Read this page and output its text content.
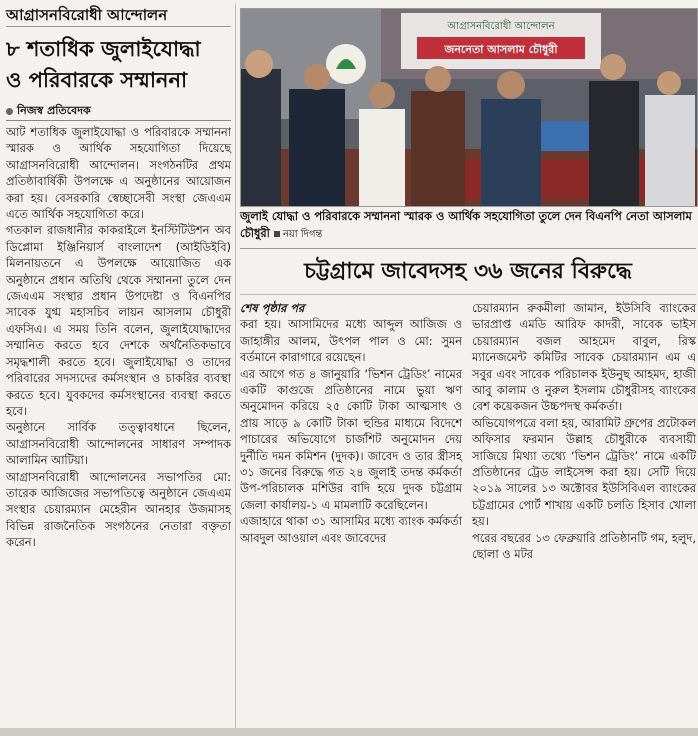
আগ্রাসনবিরোধী আন্দোলন
৮ শতাধিক জুলাইযোদ্ধা
ও পরিবারকে সম্মাননা
নিজস্ব প্রতিবেদক

আট শতাধিক জুলাইযোদ্ধা ও পরিবারকে সম্মাননা স্মারক ও আর্থিক সহযোগিতা দিয়েছে আগ্রাসনবিরোধী আন্দোলন। সংগঠনটির প্রথম প্রতিষ্ঠাবার্ষিকী উপলক্ষে এ অনুষ্ঠানের আয়োজন করা হয়। বেসরকারি স্বেচ্ছাসেবী সংস্থা জেএএম এতে আর্থিক সহযোগিতা করে।

গতকাল রাজধানীর কাকরাইলে ইনস্টিটিউশন অব ডিপ্লোমা ইঞ্জিনিয়ার্স বাংলাদেশ (আইডিইবি) মিলনায়তনে এ উপলক্ষে আয়োজিত এক অনুষ্ঠানে প্রধান অতিথি থেকে সম্মাননা তুলে দেন জেএএম সংস্থার প্রধান উপদেষ্টা ও বিএনপির সাবেক যুগ্ম মহাসচিব লায়ন আসলাম চৌধুরী এফসিএ। এ সময় তিনি বলেন, জুলাইযোদ্ধাদের সম্মানিত করতে হবে দেশকে অর্থনৈতিকভাবে সমৃদ্ধশালী করতে হবে। জুলাইযোদ্ধা ও তাদের পরিবারের সদস্যদের কর্মসংস্থান ও চাকরির ব্যবস্থা করতে হবে। যুবকদের কর্মসংস্থানের ব্যবস্থা করতে হবে।

অনুষ্ঠানে সার্বিক তত্ত্বাবধানে ছিলেন, আগ্রাসনবিরোধী আন্দোলনের সাধারণ সম্পাদক আলামিন আটিয়া।

আগ্রাসনবিরোধী আন্দোলনের সভাপতির মো: তারেক আজিজের সভাপতিত্বে অনুষ্ঠানে জেএএম সংস্থার চেয়ারম্যান মেহেরীন আনহার উজমাসহ বিভিন্ন রাজনৈতিক সংগঠনের নেতারা বক্তৃতা করেন।

আগ্রাসনবিরোধী আন্দোলন
জননেতা আসলাম চৌধুরী
জুলাই যোদ্ধা ও পরিবারকে সম্মাননা স্মারক ও আর্থিক সহযোগিতা তুলে দেন বিএনপি নেতা আসলাম চৌধুরী নয়া দিগন্ত
চট্টগ্রামে জাবেদসহ ৩৬ জনের বিরুদ্ধে

শেষ পৃষ্ঠার পর

করা হয়। আসামিদের মধ্যে আব্দুল আজিজ ও জাহাঙ্গীর আলম, উৎপল পাল ও মো: সুমন বর্তমানে কারাগারে রয়েছেন।

এর আগে গত ৪ জানুয়ারি ‘ভিশন ট্রেডিং’ নামের একটি কাগুজে প্রতিষ্ঠানের নামে ভুয়া ঋণ অনুমোদন করিয়ে ২৫ কোটি টাকা আত্মসাৎ ও প্রায় সাড়ে ৯ কোটি টাকা হুন্ডির মাধ্যমে বিদেশে পাচারের অভিযোগে চার্জশিট অনুমোদন দেয় দুর্নীতি দমন কমিশন (দুদক)। জাবেদ ও তার স্ত্রীসহ ৩১ জনের বিরুদ্ধে গত ২৪ জুলাই তদন্ত কর্মকর্তা উপ-পরিচালক মশিউর বাদি হয়ে দুদক চট্টগ্রাম জেলা কার্যালয়-১ এ মামলাটি করেছিলেন।

এজাহারে থাকা ৩১ আসামির মধ্যে ব্যাংক কর্মকর্তা আবদুল আওয়াল এবং জাবেদের

চেয়ারম্যান রুকমীলা জামান, ইউসিবি ব্যাংকের ভারপ্রাপ্ত এমডি আরিফ কাদরী, সাবেক ভাইস চেয়ারম্যান বজল আহমেদ বাবুল, রিস্ক ম্যানেজমেন্ট কমিটির সাবেক চেয়ারম্যান এম এ সবুর এবং সাবেক পরিচালক ইউনুছ আহমদ, হাজী আবু কালাম ও নুরুল ইসলাম চৌধুরীসহ ব্যাংকের বেশ কয়েকজন উচ্চপদস্থ কর্মকর্তা।

অভিযোগপত্রে বলা হয়, আরামিট গ্রুপের প্রটোকল অফিসার ফরমান উল্লাহ চৌধুরীকে ব্যবসায়ী সাজিয়ে মিথ্যা তথ্যে ‘ভিশন ট্রেডিং’ নামে একটি প্রতিষ্ঠানের ট্রেড লাইসেন্স করা হয়। সেটি দিয়ে ২০১৯ সালের ১৩ অক্টোবর ইউসিবিএল ব্যাংকের চট্টগ্রামের পোর্ট শাখায় একটি চলতি হিসাব খোলা হয়।

পরের বছরের ১৩ ফেব্রুয়ারি প্রতিষ্ঠানটি গম, হলুদ, ছোলা ও মটর
